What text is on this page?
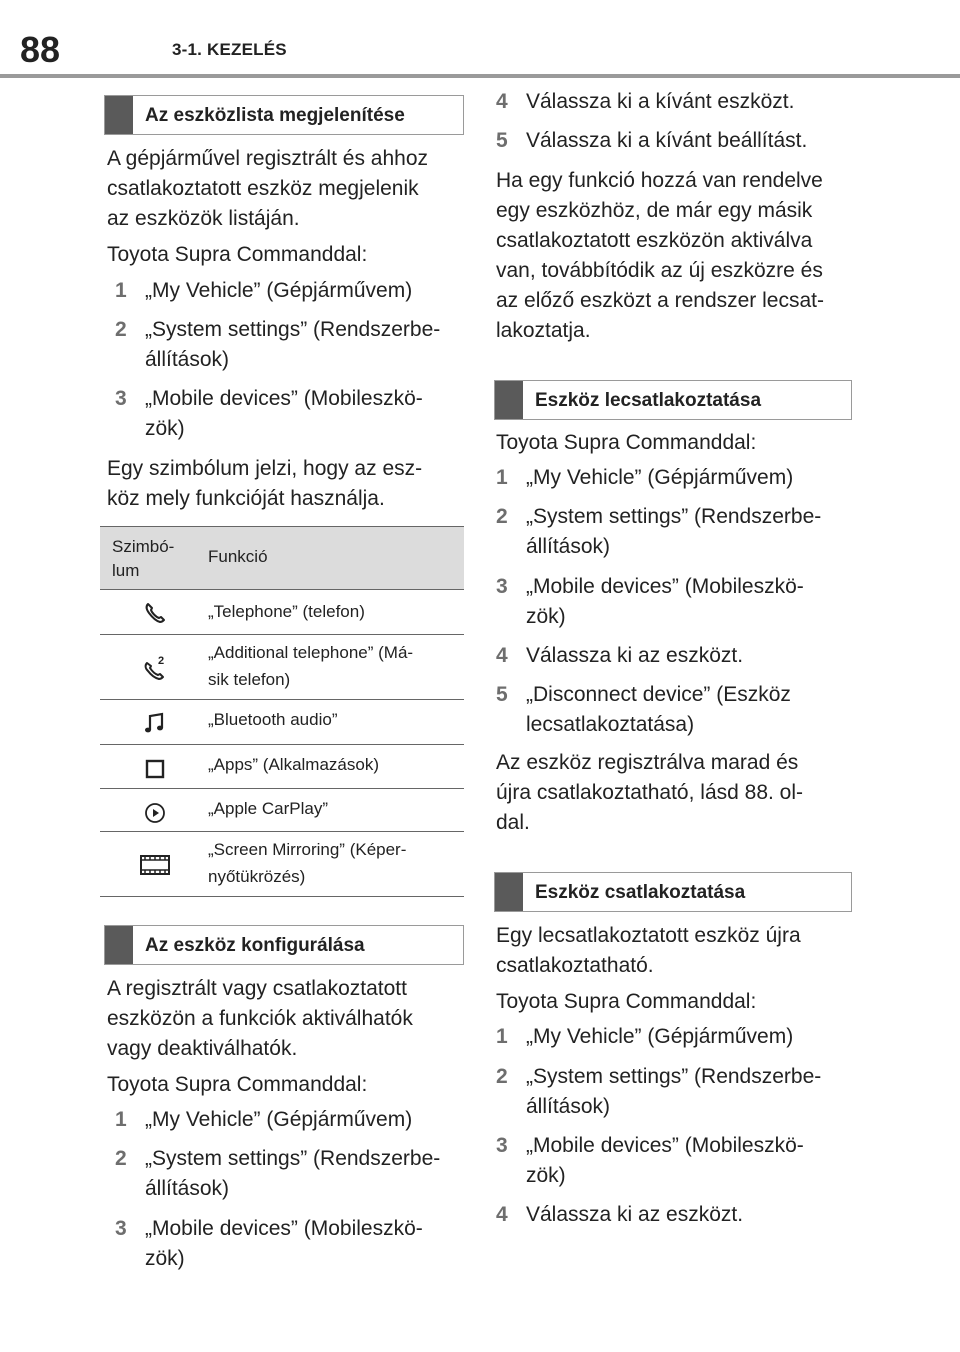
88	3-1. KEZELÉS
Az eszközlista megjelenítése
A gépjárművel regisztrált és ahhoz
csatlakoztatott eszköz megjelenik
az eszközök listáján.
Toyota Supra Commanddal:
1 „My Vehicle” (Gépjárművem)
2 „System settings” (Rendszerbe-
állítások)
3 „Mobile devices” (Mobileszkö-
zök)
Egy szimbólum jelzi, hogy az esz-
köz mely funkcióját használja.
Szimbó-
lum
Funkció
„Telephone” (telefon)
2	„Additional telephone” (Má-
sik telefon)
„Bluetooth audio”
„Apps” (Alkalmazások)
„Apple CarPlay”
„Screen Mirroring” (Képer-
nyőtükrözés)
Az eszköz konfigurálása
A regisztrált vagy csatlakoztatott
eszközön a funkciók aktiválhatók
vagy deaktiválhatók.
Toyota Supra Commanddal:
1 „My Vehicle” (Gépjárművem)
2 „System settings” (Rendszerbe-
állítások)
3 „Mobile devices” (Mobileszkö-
zök)
4 Válassza ki a kívánt eszközt.
5 Válassza ki a kívánt beállítást.
Ha egy funkció hozzá van rendelve
egy eszközhöz, de már egy másik
csatlakoztatott eszközön aktiválva
van, továbbítódik az új eszközre és
az előző eszközt a rendszer lecsat-
lakoztatja.
Eszköz lecsatlakoztatása
Toyota Supra Commanddal:
1 „My Vehicle” (Gépjárművem)
2 „System settings” (Rendszerbe-
állítások)
3 „Mobile devices” (Mobileszkö-
zök)
4 Válassza ki az eszközt.
5 „Disconnect device” (Eszköz
lecsatlakoztatása)
Az eszköz regisztrálva marad és
újra csatlakoztatható, lásd 88. ol-
dal.
Eszköz csatlakoztatása
Egy lecsatlakoztatott eszköz újra
csatlakoztatható.
Toyota Supra Commanddal:
1 „My Vehicle” (Gépjárművem)
2 „System settings” (Rendszerbe-
állítások)
3 „Mobile devices” (Mobileszkö-
zök)
4 Válassza ki az eszközt.
